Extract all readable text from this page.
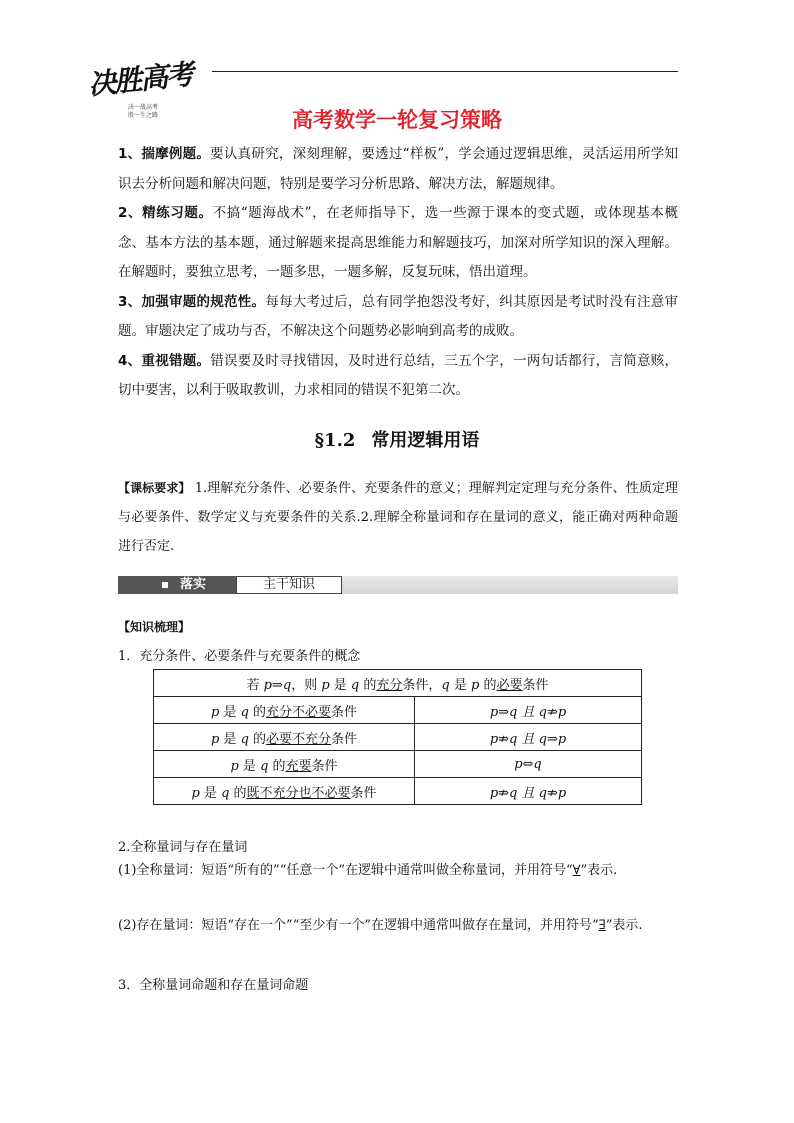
决胜高考
决一战高考
胜一生之路	高考数学一轮复习策略

1、揣摩例题。要认真研究，深刻理解，要透过“样板”，学会通过逻辑思维，灵活运用所学知识去分析问题和解决问题，特别是要学习分析思路、解决方法，解题规律。

2、精练习题。不搞“题海战术”，在老师指导下，选一些源于课本的变式题，或体现基本概念、基本方法的基本题，通过解题来提高思维能力和解题技巧，加深对所学知识的深入理解。在解题时，要独立思考，一题多思，一题多解，反复玩味，悟出道理。

3、加强审题的规范性。每每大考过后，总有同学抱怨没考好，纠其原因是考试时没有注意审题。审题决定了成功与否，不解决这个问题势必影响到高考的成败。

4、重视错题。错误要及时寻找错因，及时进行总结，三五个字，一两句话都行，言简意赅，切中要害，以利于吸取教训，力求相同的错误不犯第二次。

§1.2 常用逻辑用语
【课标要求】 1.理解充分条件、必要条件、充要条件的意义；理解判定定理与充分条件、性质定理与必要条件、数学定义与充要条件的关系.2.理解全称量词和存在量词的意义，能正确对两种命题进行否定.
落实	主干知识
【知识梳理】
1．充分条件、必要条件与充要条件的概念
若 p⇒q，则 p 是 q 的充分条件，q 是 p 的必要条件	
p 是 q 的充分不必要条件	p⇒q 且 q⇏p
p 是 q 的必要不充分条件	p⇏q 且 q⇒p
p 是 q 的充要条件	p⇔q
p 是 q 的既不充分也不必要条件	p⇏q 且 q⇏p
2.全称量词与存在量词
(1)全称量词：短语“所有的”“任意一个”在逻辑中通常叫做全称量词，并用符号“∀”表示.
(2)存在量词：短语“存在一个”“至少有一个”在逻辑中通常叫做存在量词，并用符号“∃”表示.
3．全称量词命题和存在量词命题
